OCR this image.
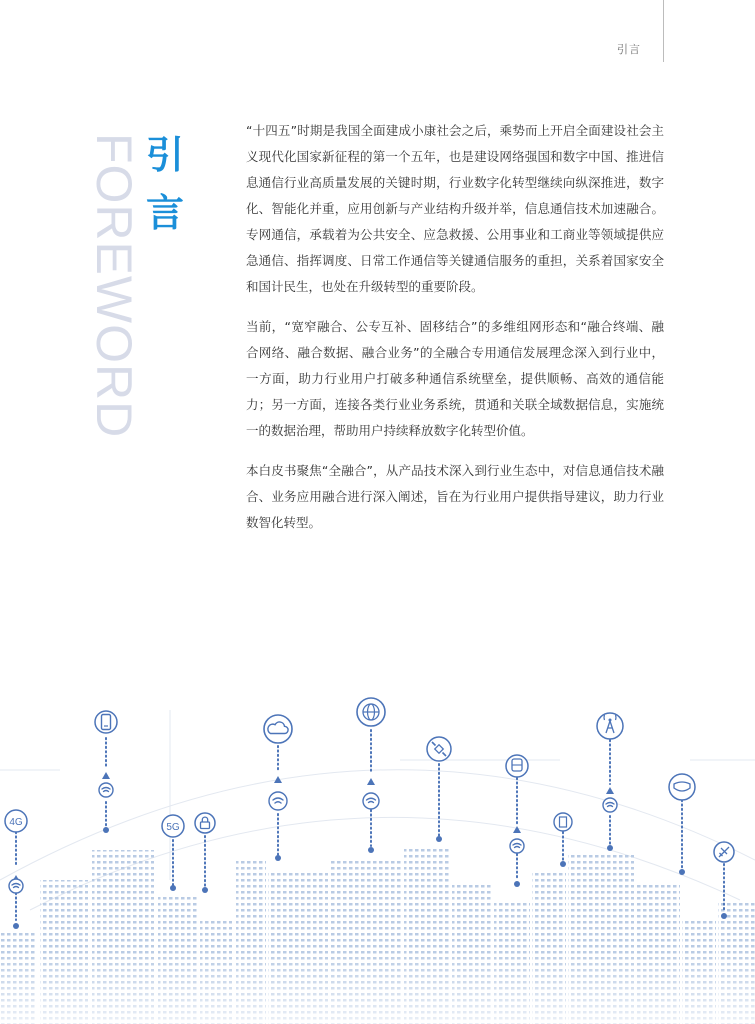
引言
FOREWORD 引
言

“十四五”时期是我国全面建成小康社会之后，乘势而上开启全面建设社会主义现代化国家新征程的第一个五年，也是建设网络强国和数字中国、推进信息通信行业高质量发展的关键时期，行业数字化转型继续向纵深推进，数字化、智能化并重，应用创新与产业结构升级并举，信息通信技术加速融合。专网通信，承载着为公共安全、应急救援、公用事业和工商业等领域提供应急通信、指挥调度、日常工作通信等关键通信服务的重担，关系着国家安全和国计民生，也处在升级转型的重要阶段。

当前，“宽窄融合、公专互补、固移结合”的多维组网形态和“融合终端、融合网络、融合数据、融合业务”的全融合专用通信发展理念深入到行业中，一方面，助力行业用户打破多种通信系统壁垒，提供顺畅、高效的通信能力；另一方面，连接各类行业业务系统，贯通和关联全域数据信息，实施统一的数据治理，帮助用户持续释放数字化转型价值。

本白皮书聚焦“全融合”，从产品技术深入到行业生态中，对信息通信技术融合、业务应用融合进行深入阐述，旨在为行业用户提供指导建议，助力行业数智化转型。

4G	5G
